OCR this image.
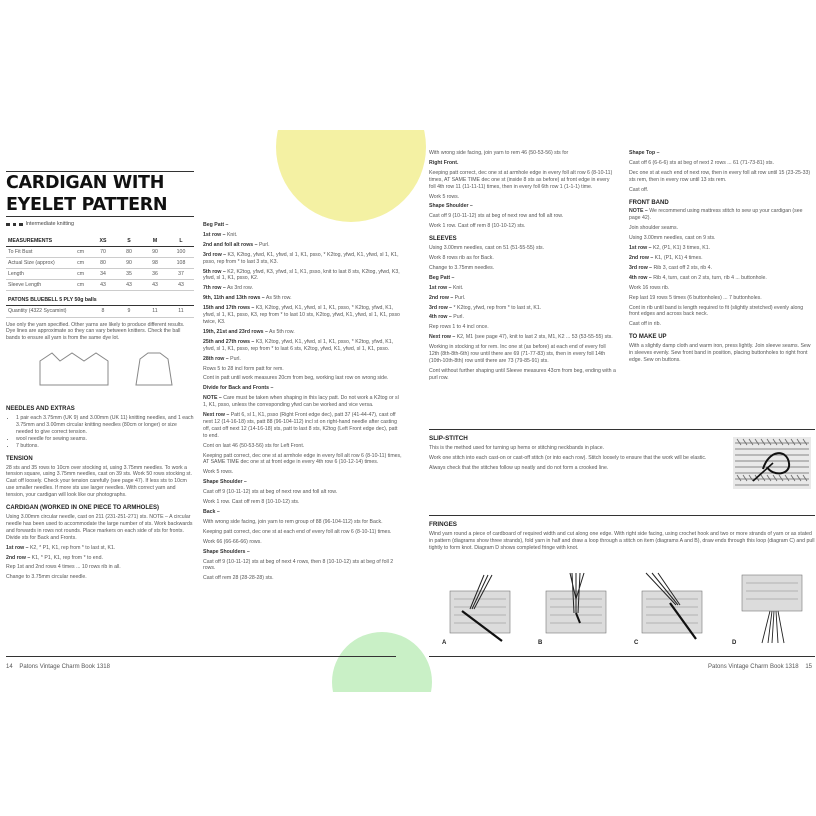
CARDIGAN WITH EYELET PATTERN
Intermediate knitting
MEASUREMENTS		XS	S	M	L
To Fit Bust	cm	70	80	90	100
Actual Size (approx)	cm	80	90	98	108
Length	cm	34	35	36	37
Sleeve Length	cm	43	43	43	43
PATONS BLUEBELL 5 PLY 50g balls
Quantity (4322 Sycamint)	8	9	11	11

Use only the yarn specified. Other yarns are likely to produce different results. Dye lines are approximate so they can vary between knitters. Check the ball bands to ensure all yarn is from the same dye lot.

NEEDLES AND EXTRAS
• 1 pair each 3.75mm (UK 9) and 3.00mm (UK 11) knitting needles, and 1 each 3.75mm and 3.00mm circular knitting needles (80cm or longer) or size needed to give correct tension.
• wool needle for sewing seams.
• 7 buttons.
TENSION

28 sts and 35 rows to 10cm over stocking st, using 3.75mm needles. To work a tension square, using 3.75mm needles, cast on 39 sts. Work 50 rows stocking st. Cast off loosely. Check your tension carefully (see page 47). If less sts to 10cm use smaller needles. If more sts use larger needles. With correct yarn and tension, your cardigan will look like our photographs.

CARDIGAN (WORKED IN ONE PIECE TO ARMHOLES)

Using 3.00mm circular needle, cast on 211 (231-251-271) sts. NOTE – A circular needle has been used to accommodate the large number of sts. Work backwards and forwards in rows not rounds. Place markers on each side of sts for fronts. Divide sts for Back and Fronts.

1st row – K2, * P1, K1, rep from * to last st, K1.

2nd row – K1, * P1, K1, rep from * to end.

Rep 1st and 2nd rows 4 times ... 10 rows rib in all.

Change to 3.75mm circular needle.

Beg Patt –

1st row – Knit.

2nd and foll alt rows – Purl.

3rd row – K3, K2tog, yfwd, K1, yfwd, sl 1, K1, psso, * K2tog, yfwd, K1, yfwd, sl 1, K1, psso, rep from * to last 3 sts, K3.

5th row – K2, K2tog, yfwd, K3, yfwd, sl 1, K1, psso, knit to last 8 sts, K2tog, yfwd, K3, yfwd, sl 1, K1, psso, K2.

7th row – As 3rd row.

9th, 11th and 13th rows – As 5th row.

15th and 17th rows – K3, K2tog, yfwd, K1, yfwd, sl 1, K1, psso, * K2tog, yfwd, K1, yfwd, sl 1, K1, psso, K3, rep from * to last 10 sts, K2tog, yfwd, K1, yfwd, sl 1, K1, psso twice, K3.

19th, 21st and 23rd rows – As 5th row.

25th and 27th rows – K3, K2tog, yfwd, K1, yfwd, sl 1, K1, psso, * K2tog, yfwd, K1, yfwd, sl 1, K1, psso, rep from * to last 6 sts, K2tog, yfwd, K1, yfwd, sl 1, K1, psso.

28th row – Purl.

Rows 5 to 28 incl form patt for rem.

Cont in patt until work measures 20cm from beg, working last row on wrong side.

Divide for Back and Fronts –

NOTE – Care must be taken when shaping in this lacy patt. Do not work a K2tog or sl 1, K1, psso, unless the corresponding yfwd can be worked and vice versa.

Next row – Patt 6, sl 1, K1, psso (Right Front edge dec), patt 37 (41-44-47), cast off next 12 (14-16-18) sts, patt 88 (96-104-112) incl st on right-hand needle after casting off, cast off next 12 (14-16-18) sts, patt to last 8 sts, K2tog (Left Front edge dec), patt to end.

Cont on last 46 (50-53-56) sts for Left Front.

Keeping patt correct, dec one st at armhole edge in every foll alt row 6 (8-10-11) times, AT SAME TIME dec one st at front edge in every 4th row 6 (10-12-14) times.

Work 5 rows.

Shape Shoulder –

Cast off 9 (10-11-12) sts at beg of next row and foll alt row.

Work 1 row. Cast off rem 8 (10-10-12) sts.

Back –

With wrong side facing, join yarn to rem group of 88 (96-104-112) sts for Back.

Keeping patt correct, dec one st at each end of every foll alt row 6 (8-10-11) times.

Work 66 (66-66-66) rows.

Shape Shoulders –

Cast off 9 (10-11-12) sts at beg of next 4 rows, then 8 (10-10-12) sts at beg of foll 2 rows.

Cast off rem 28 (28-28-28) sts.

With wrong side facing, join yarn to rem 46 (50-53-56) sts for

Right Front.

Keeping patt correct, dec one st at armhole edge in every foll alt row 6 (8-10-11) times, AT SAME TIME dec one st (inside 8 sts as before) at front edge in every foll 4th row 11 (11-11-11) times, then in every foll 6th row 1 (1-1-1) time.

Work 5 rows.

Shape Shoulder –

Cast off 9 (10-11-12) sts at beg of next row and foll alt row.

Work 1 row. Cast off rem 8 (10-10-12) sts.

SLEEVES

Using 3.00mm needles, cast on 51 (51-55-55) sts.

Work 8 rows rib as for Back.

Change to 3.75mm needles.

Beg Patt –

1st row – Knit.

2nd row – Purl.

3rd row – * K2tog, yfwd, rep from * to last st, K1.

4th row – Purl.

Rep rows 1 to 4 incl once.

Next row – K2, M1 (see page 47), knit to last 2 sts, M1, K2 ... 53 (53-55-55) sts.

Working in stocking st for rem. Inc one st (as before) at each end of every foll 12th (8th-8th-6th) row until there are 69 (71-77-83) sts, then in every foll 14th (10th-10th-8th) row until there are 73 (79-85-91) sts.

Cont without further shaping until Sleeve measures 43cm from beg, ending with a purl row.

Shape Top –

Cast off 6 (6-6-6) sts at beg of next 2 rows ... 61 (71-73-81) sts.

Dec one st at each end of next row, then in every foll alt row until 15 (23-25-33) sts rem, then in every row until 13 sts rem.

Cast off.

FRONT BAND

NOTE – We recommend using mattress stitch to sew up your cardigan (see page 42).

Join shoulder seams.

Using 3.00mm needles, cast on 9 sts.

1st row – K2, (P1, K1) 3 times, K1.

2nd row – K1, (P1, K1) 4 times.

3rd row – Rib 3, cast off 2 sts, rib 4.

4th row – Rib 4, turn, cast on 2 sts, turn, rib 4 ... buttonhole.

Work 16 rows rib.

Rep last 19 rows 5 times (6 buttonholes) ... 7 buttonholes.

Cont in rib until band is length required to fit (slightly stretched) evenly along front edges and across back neck.

Cast off in rib.

TO MAKE UP

With a slightly damp cloth and warm iron, press lightly. Join sleeve seams. Sew in sleeves evenly. Sew front band in position, placing buttonholes to right front edge. Sew on buttons.

SLIP-STITCH

This is the method used for turning up hems or stitching neckbands in place.

Work one stitch into each cast-on or cast-off stitch (or into each row). Stitch loosely to ensure that the work will be elastic.

Always check that the stitches follow up neatly and do not form a crooked line.

FRINGES
Wind yarn round a piece of cardboard of required width and cut along one edge. With right side facing, using crochet hook and two or more strands of yarn or as stated in pattern (diagrams show three strands), fold yarn in half and draw a loop through a stitch on item (diagrams A and B), draw ends through this loop (diagram C) and pull tightly to form knot. Diagram D shows completed fringe with knot.
A	B	C	D
14 Patons Vintage Charm Book 1318	Patons Vintage Charm Book 1318 15
